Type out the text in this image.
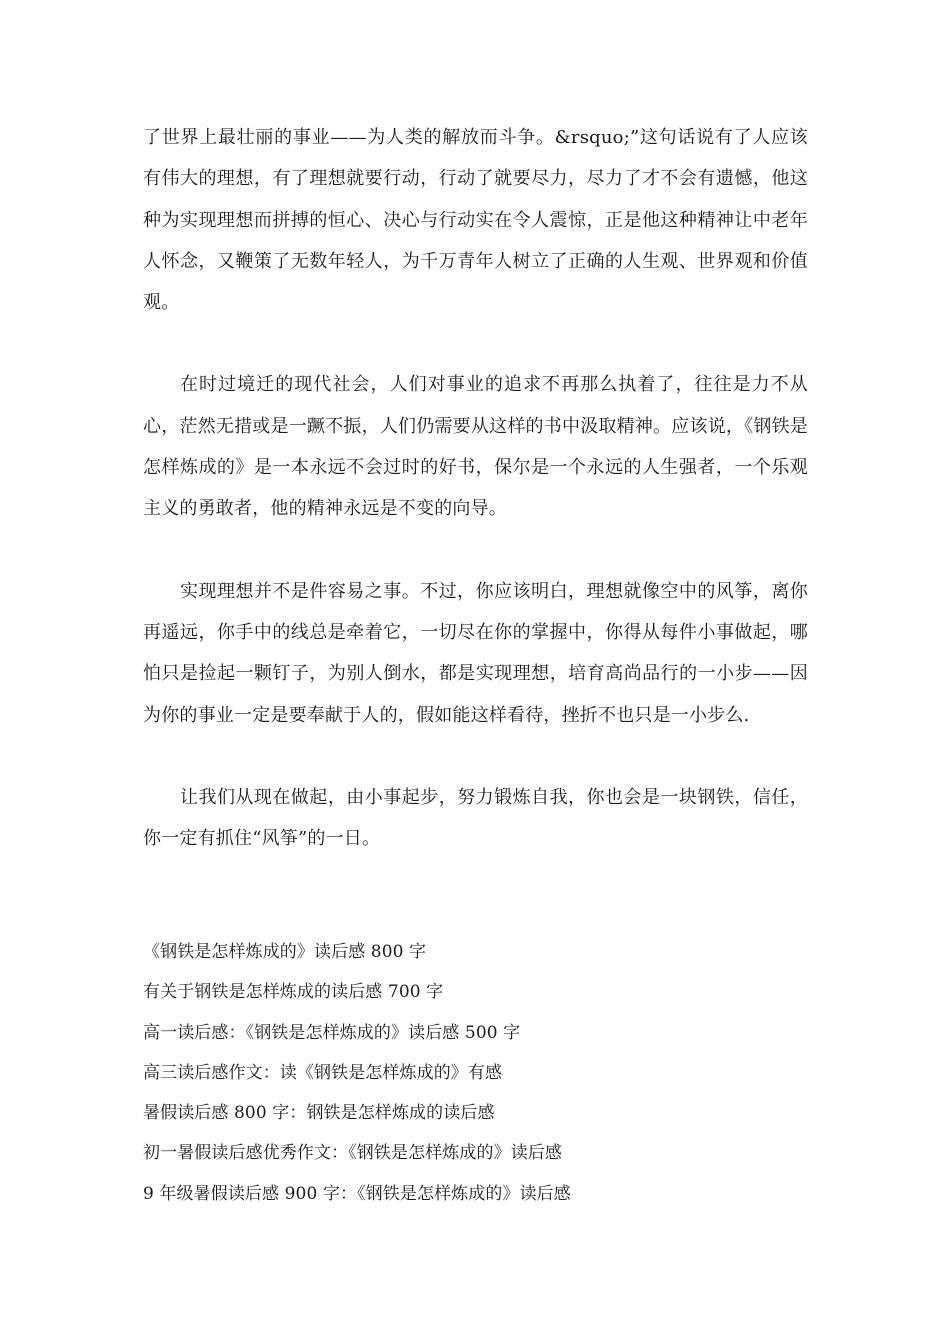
了世界上最壮丽的事业——为人类的解放而斗争。&rsquo;”这句话说有了人应该有伟大的理想，有了理想就要行动，行动了就要尽力，尽力了才不会有遗憾，他这种为实现理想而拼搏的恒心、决心与行动实在令人震惊，正是他这种精神让中老年人怀念，又鞭策了无数年轻人，为千万青年人树立了正确的人生观、世界观和价值观。

在时过境迁的现代社会，人们对事业的追求不再那么执着了，往往是力不从心，茫然无措或是一蹶不振，人们仍需要从这样的书中汲取精神。应该说，《钢铁是怎样炼成的》是一本永远不会过时的好书，保尔是一个永远的人生强者，一个乐观主义的勇敢者，他的精神永远是不变的向导。

实现理想并不是件容易之事。不过，你应该明白，理想就像空中的风筝，离你再遥远，你手中的线总是牵着它，一切尽在你的掌握中，你得从每件小事做起，哪怕只是捡起一颗钉子，为别人倒水，都是实现理想，培育高尚品行的一小步——因为你的事业一定是要奉献于人的，假如能这样看待，挫折不也只是一小步么.

让我们从现在做起，由小事起步，努力锻炼自我，你也会是一块钢铁，信任，你一定有抓住“风筝”的一日。

《钢铁是怎样炼成的》读后感 800 字
有关于钢铁是怎样炼成的读后感 700 字
高一读后感：《钢铁是怎样炼成的》读后感 500 字
高三读后感作文：读《钢铁是怎样炼成的》有感
暑假读后感 800 字：钢铁是怎样炼成的读后感
初一暑假读后感优秀作文：《钢铁是怎样炼成的》读后感
9 年级暑假读后感 900 字：《钢铁是怎样炼成的》读后感
